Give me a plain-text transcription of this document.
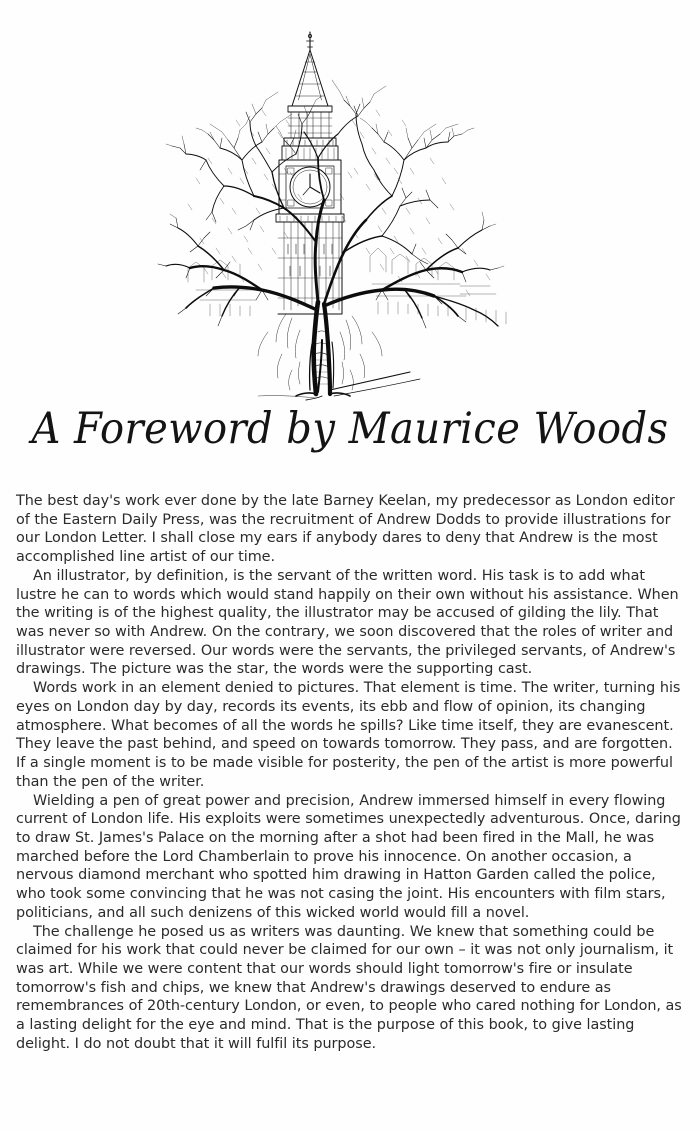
A Foreword by Maurice Woods

The best day's work ever done by the late Barney Keelan, my predecessor as London editor of the Eastern Daily Press, was the recruitment of Andrew Dodds to provide illustrations for our London Letter. I shall close my ears if anybody dares to deny that Andrew is the most accomplished line artist of our time.

An illustrator, by definition, is the servant of the written word. His task is to add what lustre he can to words which would stand happily on their own without his assistance. When the writing is of the highest quality, the illustrator may be accused of gilding the lily. That was never so with Andrew. On the contrary, we soon discovered that the roles of writer and illustrator were reversed. Our words were the servants, the privileged servants, of Andrew's drawings. The picture was the star, the words were the supporting cast.

Words work in an element denied to pictures. That element is time. The writer, turning his eyes on London day by day, records its events, its ebb and flow of opinion, its changing atmosphere. What becomes of all the words he spills? Like time itself, they are evanescent. They leave the past behind, and speed on towards tomorrow. They pass, and are forgotten. If a single moment is to be made visible for posterity, the pen of the artist is more powerful than the pen of the writer.

Wielding a pen of great power and precision, Andrew immersed himself in every flowing current of London life. His exploits were sometimes unexpectedly adventurous. Once, daring to draw St. James's Palace on the morning after a shot had been fired in the Mall, he was marched before the Lord Chamberlain to prove his innocence. On another occasion, a nervous diamond merchant who spotted him drawing in Hatton Garden called the police, who took some convincing that he was not casing the joint. His encounters with film stars, politicians, and all such denizens of this wicked world would fill a novel.

The challenge he posed us as writers was daunting. We knew that something could be claimed for his work that could never be claimed for our own – it was not only journalism, it was art. While we were content that our words should light tomorrow's fire or insulate tomorrow's fish and chips, we knew that Andrew's drawings deserved to endure as remembrances of 20th-century London, or even, to people who cared nothing for London, as a lasting delight for the eye and mind. That is the purpose of this book, to give lasting delight. I do not doubt that it will fulfil its purpose.
